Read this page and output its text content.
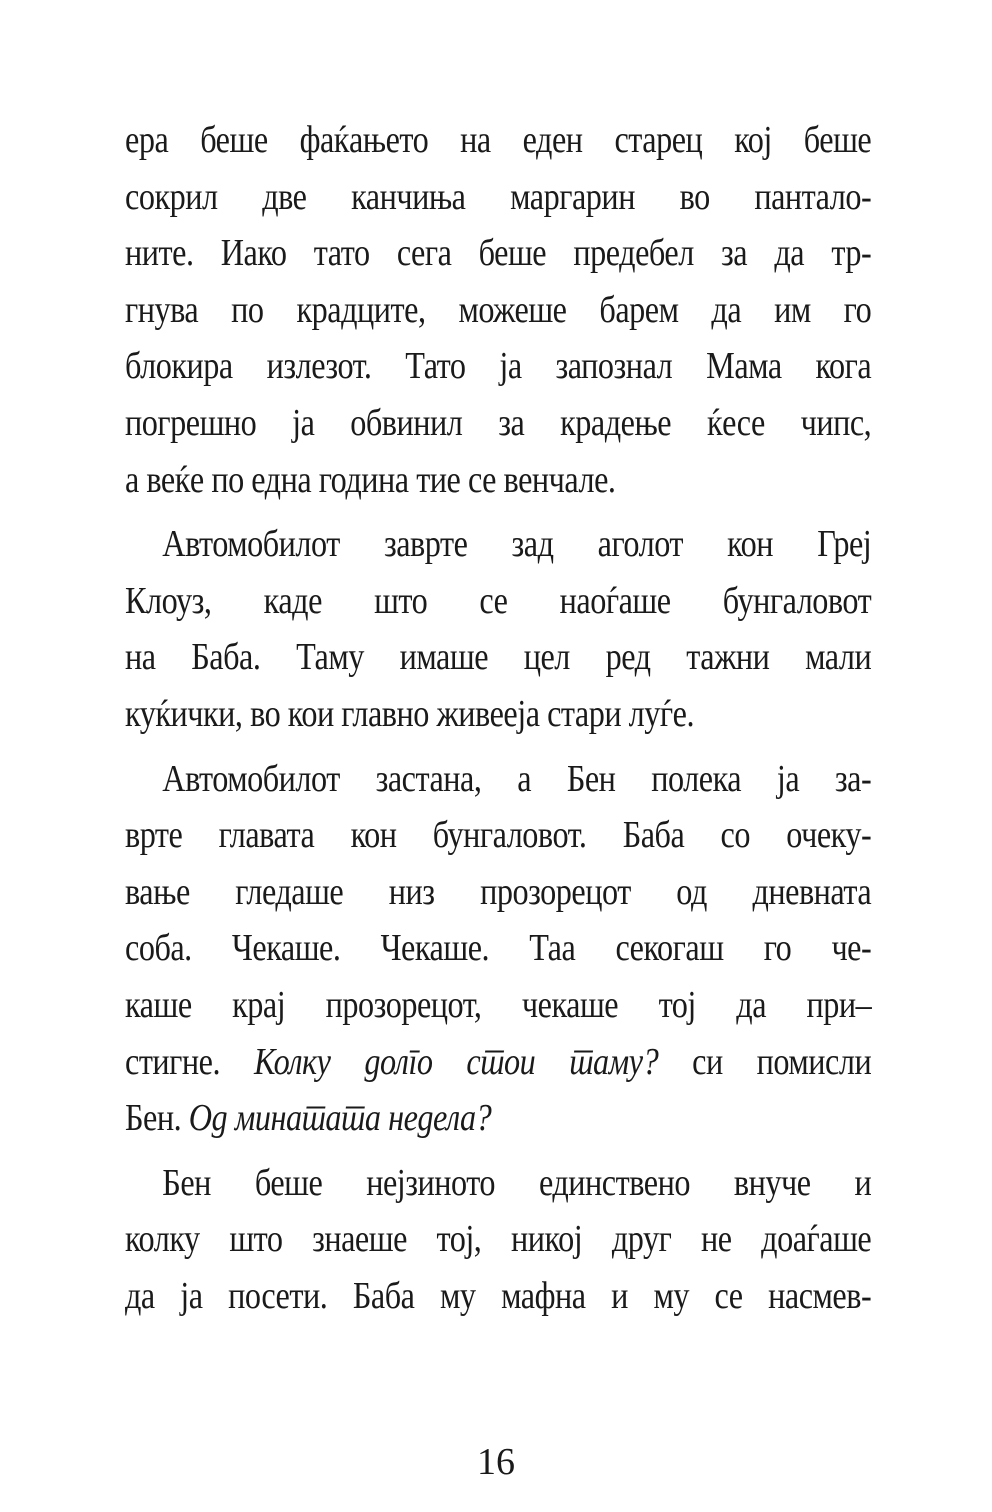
ера беше фаќањето на еден старец кој беше
сокрил две канчиња маргарин во пантало-
ните. Иако тато сега беше предебел за да тр-
гнува по крадците, можеше барем да им го
блокира излезот. Тато ја запознал Мама кога
погрешно ја обвинил за крадење ќесе чипс,
а веќе по една година тие се венчале.
Автомобилот заврте зад аголот кон Греј
Клоуз, каде што се наоѓаше бунгаловот
на Баба. Таму имаше цел ред тажни мали
куќички, во кои главно живееја стари луѓе.
Автомобилот застана, а Бен полека ја за-
врте главата кон бунгаловот. Баба со очеку-
вање гледаше низ прозорецот од дневната
соба. Чекаше. Чекаше. Таа секогаш го че-
каше крај прозорецот, чекаше тој да при–
стигне. Колку долго стои таму? си помисли
Бен. Од минатата недела?
Бен беше нејзиното единствено внуче и
колку што знаеше тој, никој друг не доаѓаше
да ја посети. Баба му мафна и му се насмев-
16
